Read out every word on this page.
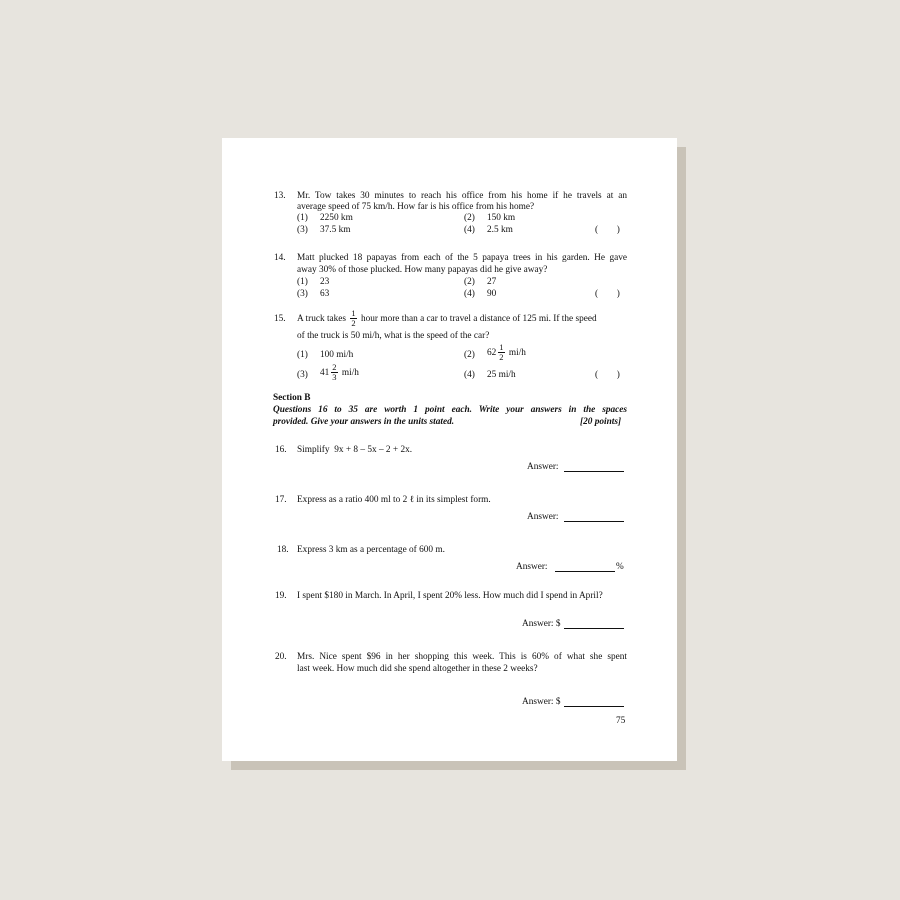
13. Mr. Tow takes 30 minutes to reach his office from his home if he travels at an
average speed of 75 km/h. How far is his office from his home?
(1) 2250 km	(2) 150 km
(3) 37.5 km	(4) 2.5 km	(        )
14. Matt plucked 18 papayas from each of the 5 papaya trees in his garden. He gave
away 30% of those plucked. How many papayas did he give away?
(1) 23	(2) 27
(3) 63	(4) 90	(        )
15. A truck takes $\frac{1}{2}$ hour more than a car to travel a distance of 125 mi. If the speed
of the truck is 50 mi/h, what is the speed of the car?
(1) 100 mi/h	(2) $62 \frac{1}{2} mi/h$
(3) $41 \frac{2}{3} mi/h$	(4) 25 mi/h	(        )
Section B
Questions 16 to 35 are worth 1 point each. Write your answers in the spaces
provided. Give your answers in the units stated.	[20 points]
16. Simplify  9x + 8 – 5x – 2 + 2x.
Answer:
17. Express as a ratio 400 ml to 2 ℓ in its simplest form.
Answer:
18. Express 3 km as a percentage of 600 m.
Answer:	%
19. I spent $180 in March. In April, I spent 20% less. How much did I spend in April?
Answer: $
20. Mrs. Nice spent $96 in her shopping this week. This is 60% of what she spent
last week. How much did she spend altogether in these 2 weeks?
Answer: $
75
